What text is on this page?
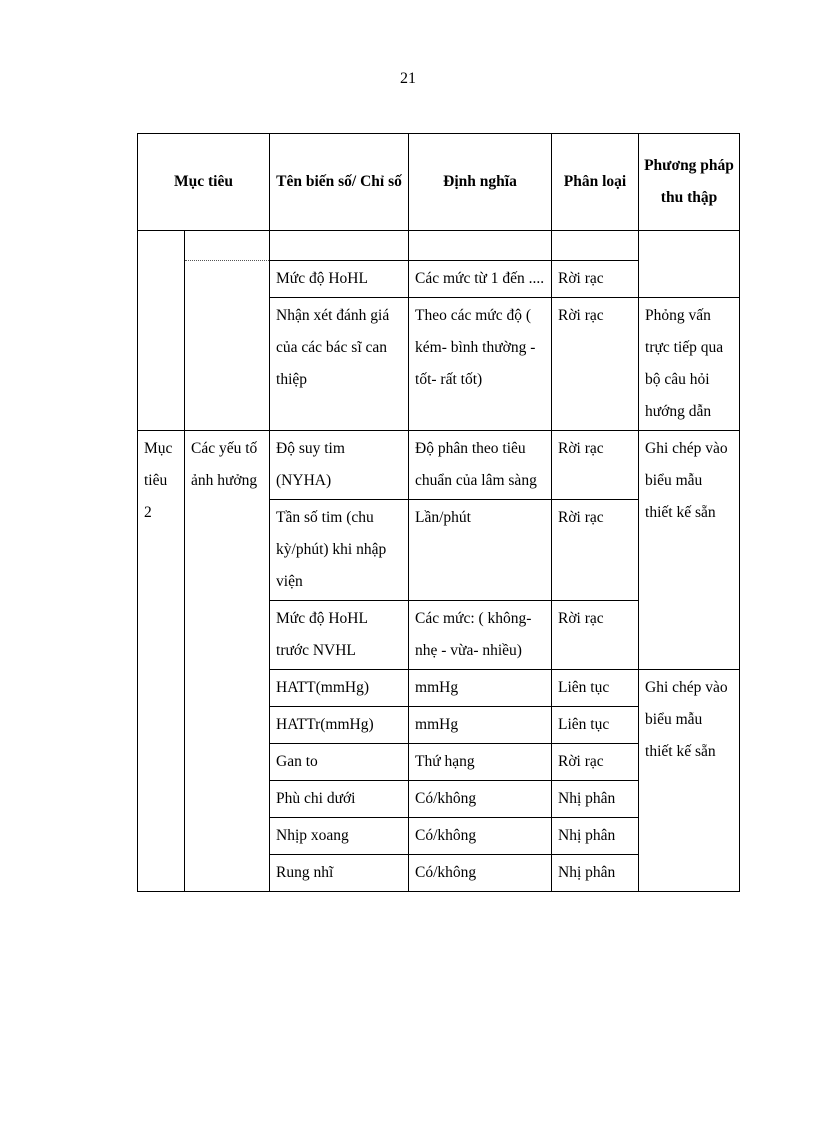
21
Mục tiêu		Tên biến số/ Chỉ số	Định nghĩa	Phân loại	Phương pháp thu thập

		Mức độ HoHL	Các mức từ 1 đến ....	Rời rạc	
		Nhận xét đánh giá của các bác sĩ can thiệp	Theo các mức độ ( kém- bình thường -tốt- rất tốt)	Rời rạc	Phỏng vấn trực tiếp qua bộ câu hỏi hướng dẫn
Mục tiêu 2	Các yếu tố ảnh hưởng	Độ suy tim (NYHA)	Độ phân theo tiêu chuẩn của lâm sàng	Rời rạc	Ghi chép vào biểu mẫu thiết kế sẵn
		Tần số tim (chu kỳ/phút) khi nhập viện	Lần/phút	Rời rạc	
		Mức độ HoHL trước NVHL	Các mức: ( không- nhẹ - vừa- nhiều)	Rời rạc	
		HATT(mmHg)	mmHg	Liên tục	Ghi chép vào biểu mẫu thiết kế sẵn
		HATTr(mmHg)	mmHg	Liên tục	
		Gan to	Thứ hạng	Rời rạc	
		Phù chi dưới	Có/không	Nhị phân	
		Nhịp xoang	Có/không	Nhị phân	
		Rung nhĩ	Có/không	Nhị phân	
